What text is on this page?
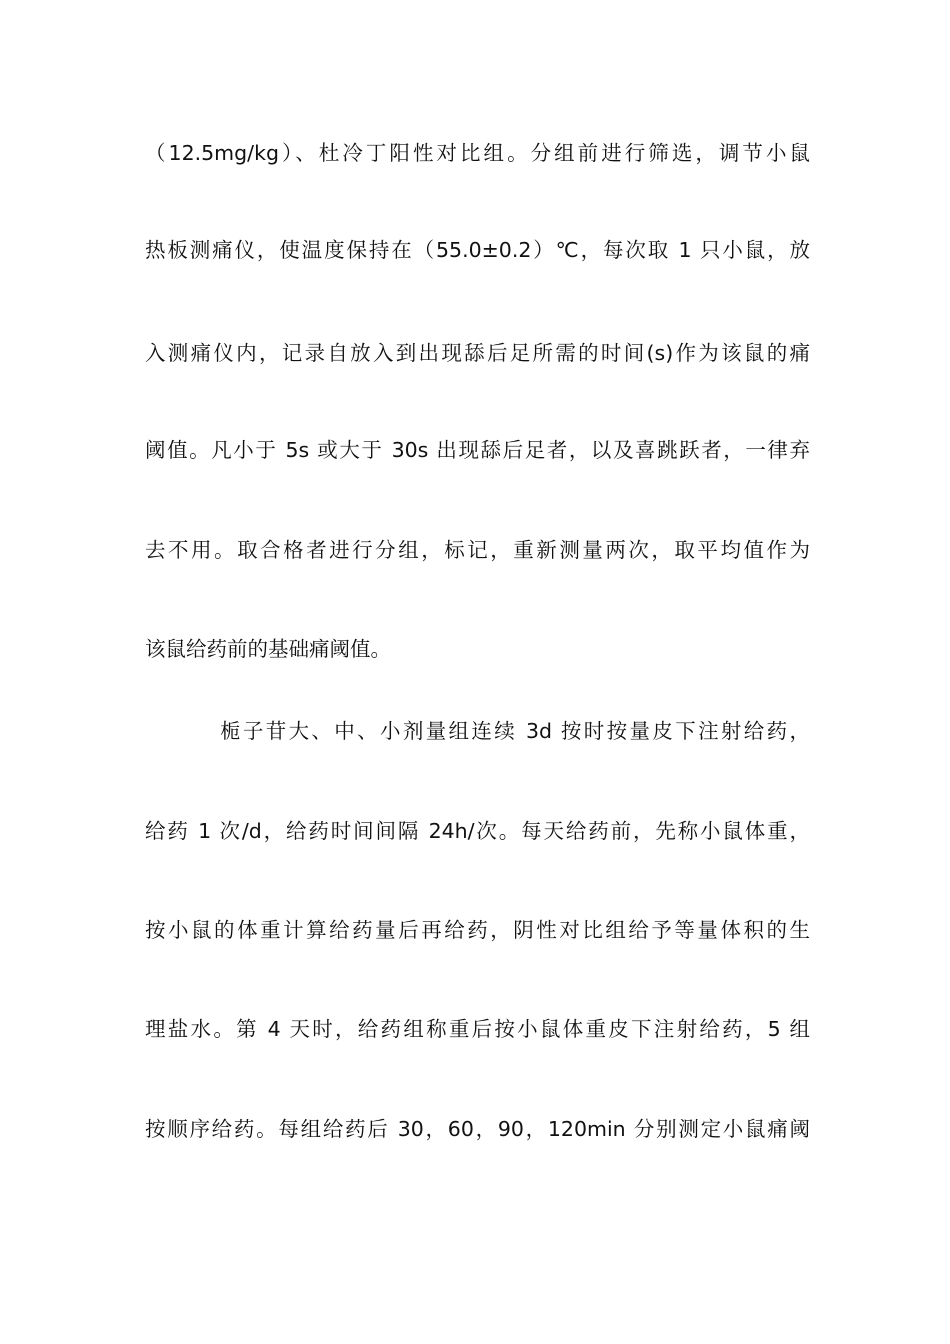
（12.5mg/kg）、杜冷丁阳性对比组。分组前进行筛选，调节小鼠
热板测痛仪，使温度保持在（55.0±0.2）℃，每次取 1 只小鼠，放
入测痛仪内，记录自放入到出现舔后足所需的时间(s)作为该鼠的痛
阈值。凡小于 5s 或大于 30s 出现舔后足者，以及喜跳跃者，一律弃
去不用。取合格者进行分组，标记，重新测量两次，取平均值作为
该鼠给药前的基础痛阈值。
栀子苷大、中、小剂量组连续 3d 按时按量皮下注射给药，
给药 1 次/d，给药时间间隔 24h/次。每天给药前，先称小鼠体重，
按小鼠的体重计算给药量后再给药，阴性对比组给予等量体积的生
理盐水。第 4 天时，给药组称重后按小鼠体重皮下注射给药，5 组
按顺序给药。每组给药后 30，60，90，120min 分别测定小鼠痛阈
